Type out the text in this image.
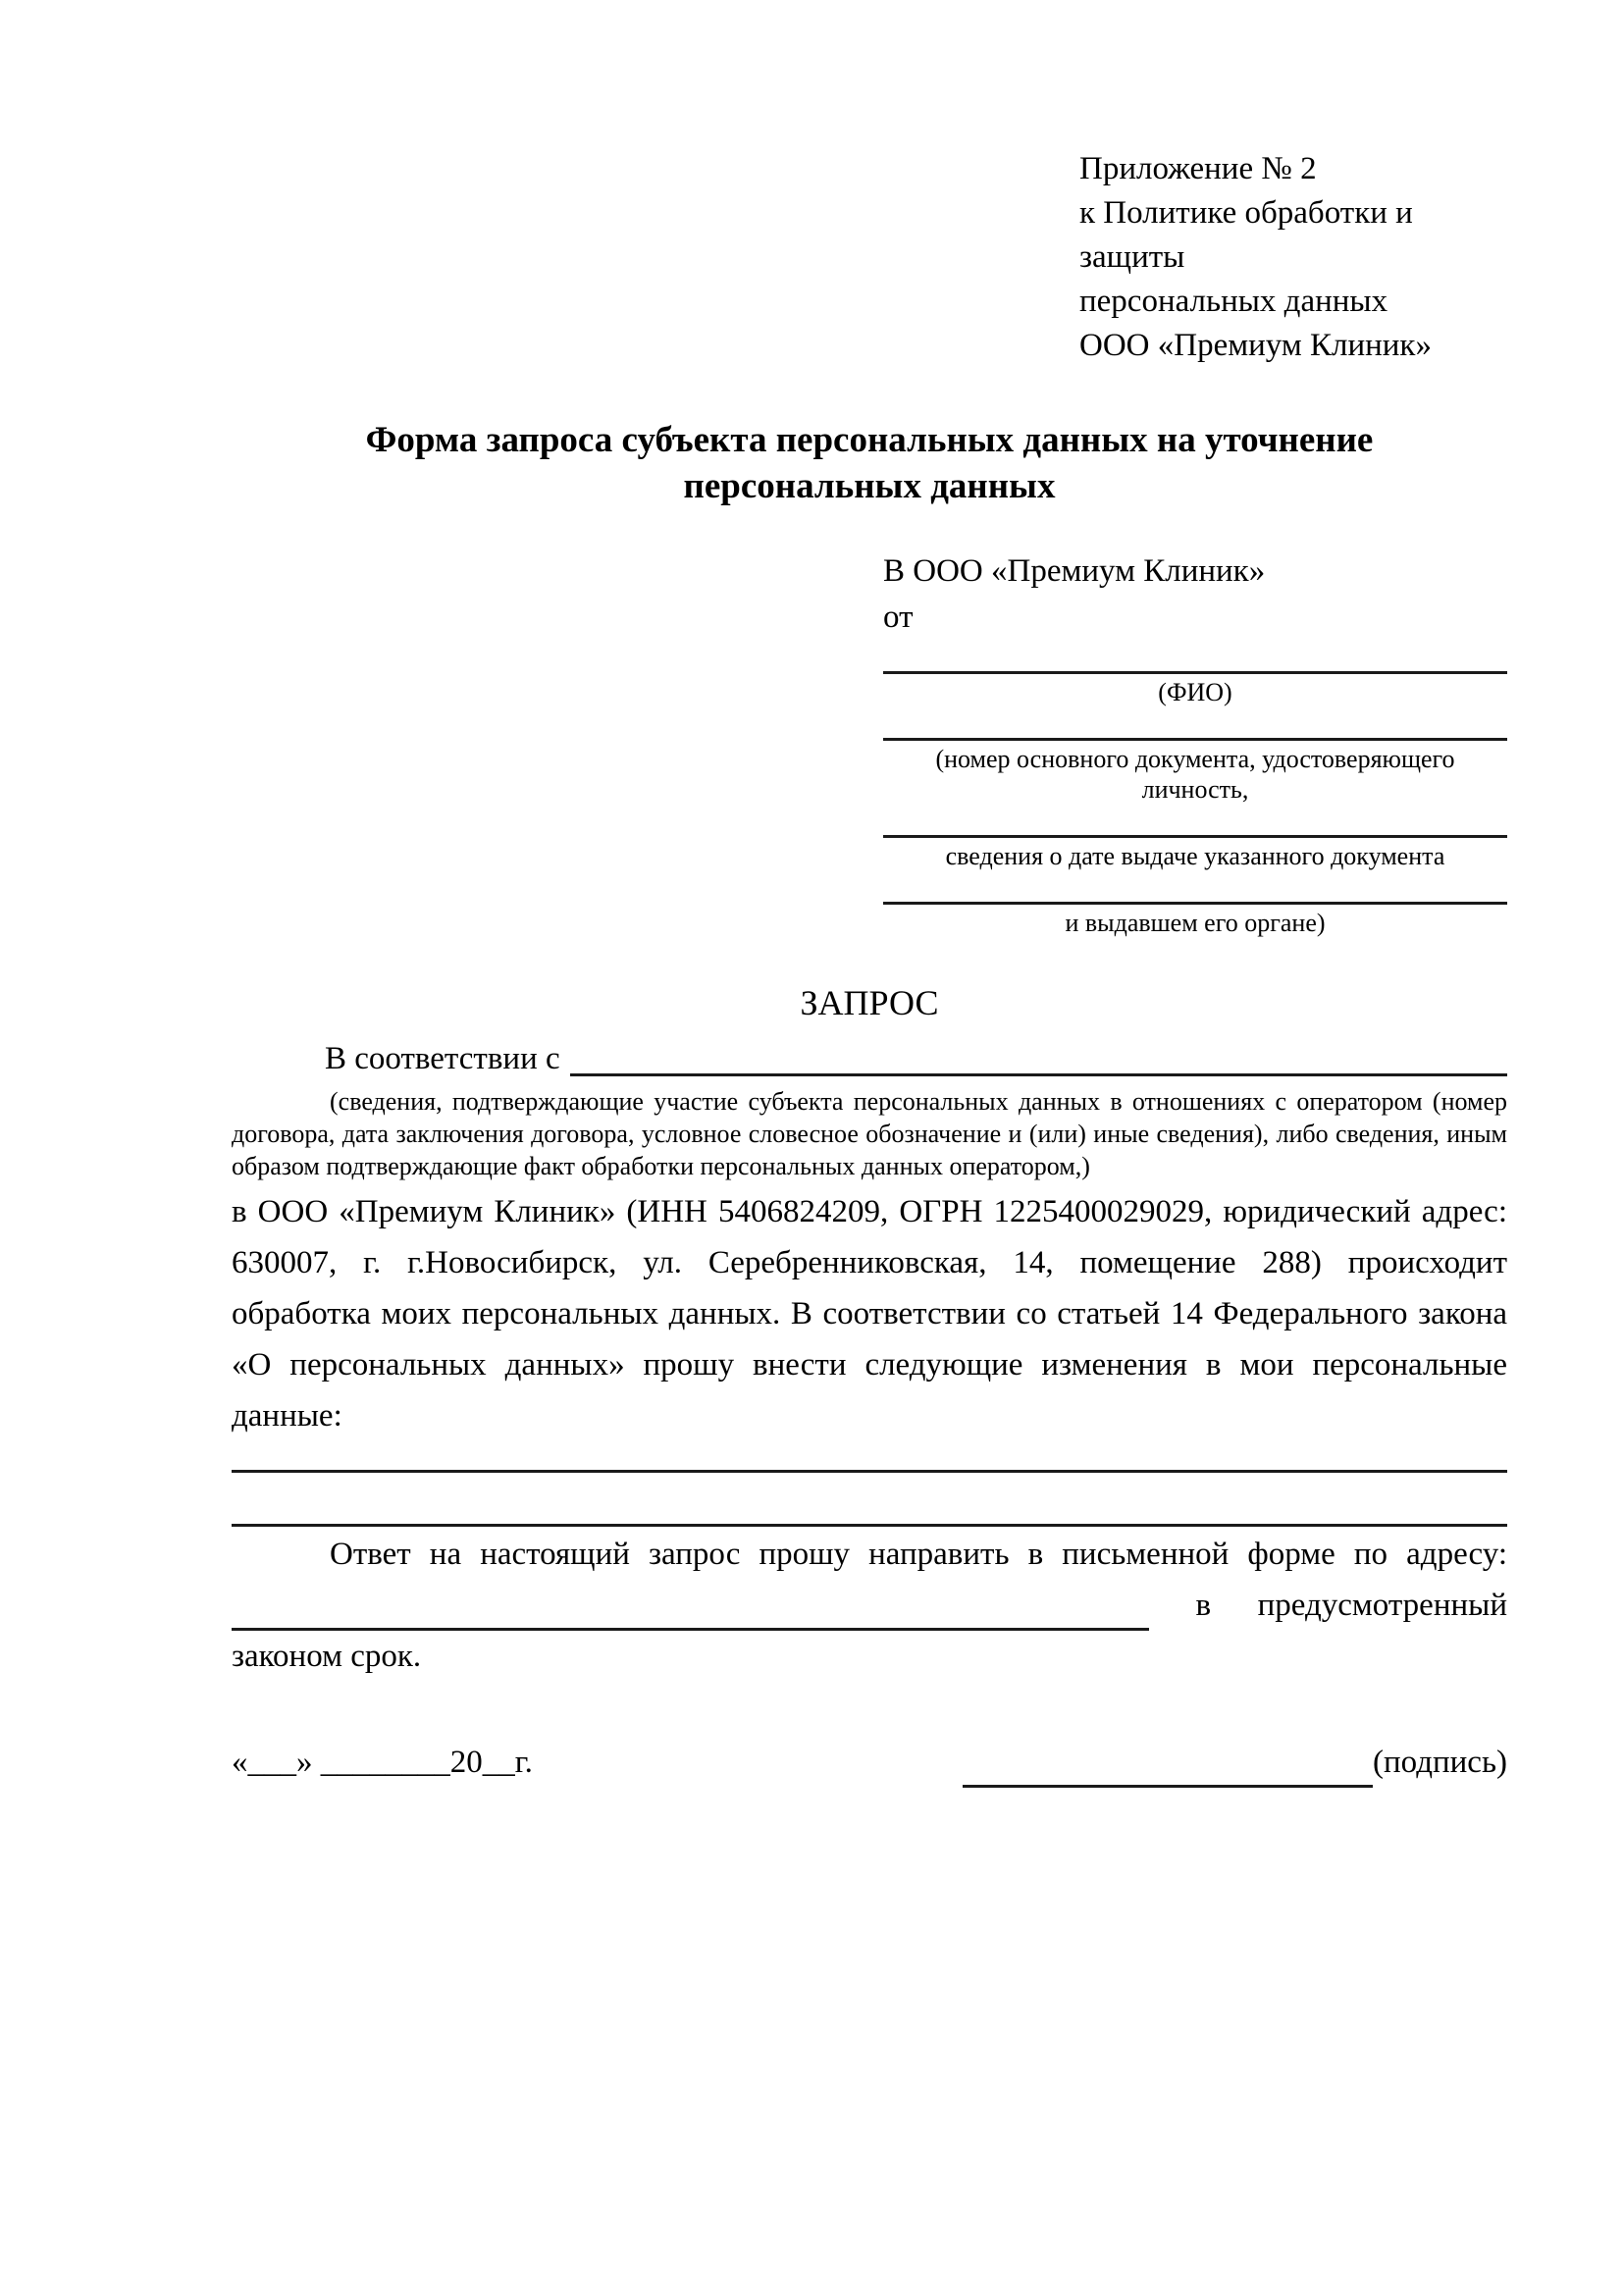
Приложение № 2
к Политике обработки и защиты
персональных данных
ООО «Премиум Клиник»
Форма запроса субъекта персональных данных на уточнение персональных данных
В ООО «Премиум Клиник»
от
(ФИО)
(номер основного документа, удостоверяющего личность,
сведения о дате выдаче указанного документа
и выдавшем его органе)
ЗАПРОС
В соответствии с
(сведения, подтверждающие участие субъекта персональных данных в отношениях с оператором (номер договора, дата заключения договора, условное словесное обозначение и (или) иные сведения), либо сведения, иным образом подтверждающие факт обработки персональных данных оператором,)
в ООО «Премиум Клиник» (ИНН 5406824209, ОГРН 1225400029029, юридический адрес: 630007, г. г.Новосибирск, ул. Серебренниковская, 14, помещение 288) происходит обработка моих персональных данных. В соответствии со статьей 14 Федерального закона «О персональных данных» прошу внести следующие изменения в мои персональные данные:
Ответ на настоящий запрос прошу направить в письменной форме по адресу:
в предусмотренный
законом срок.
«___» ________20__г.	(подпись)
